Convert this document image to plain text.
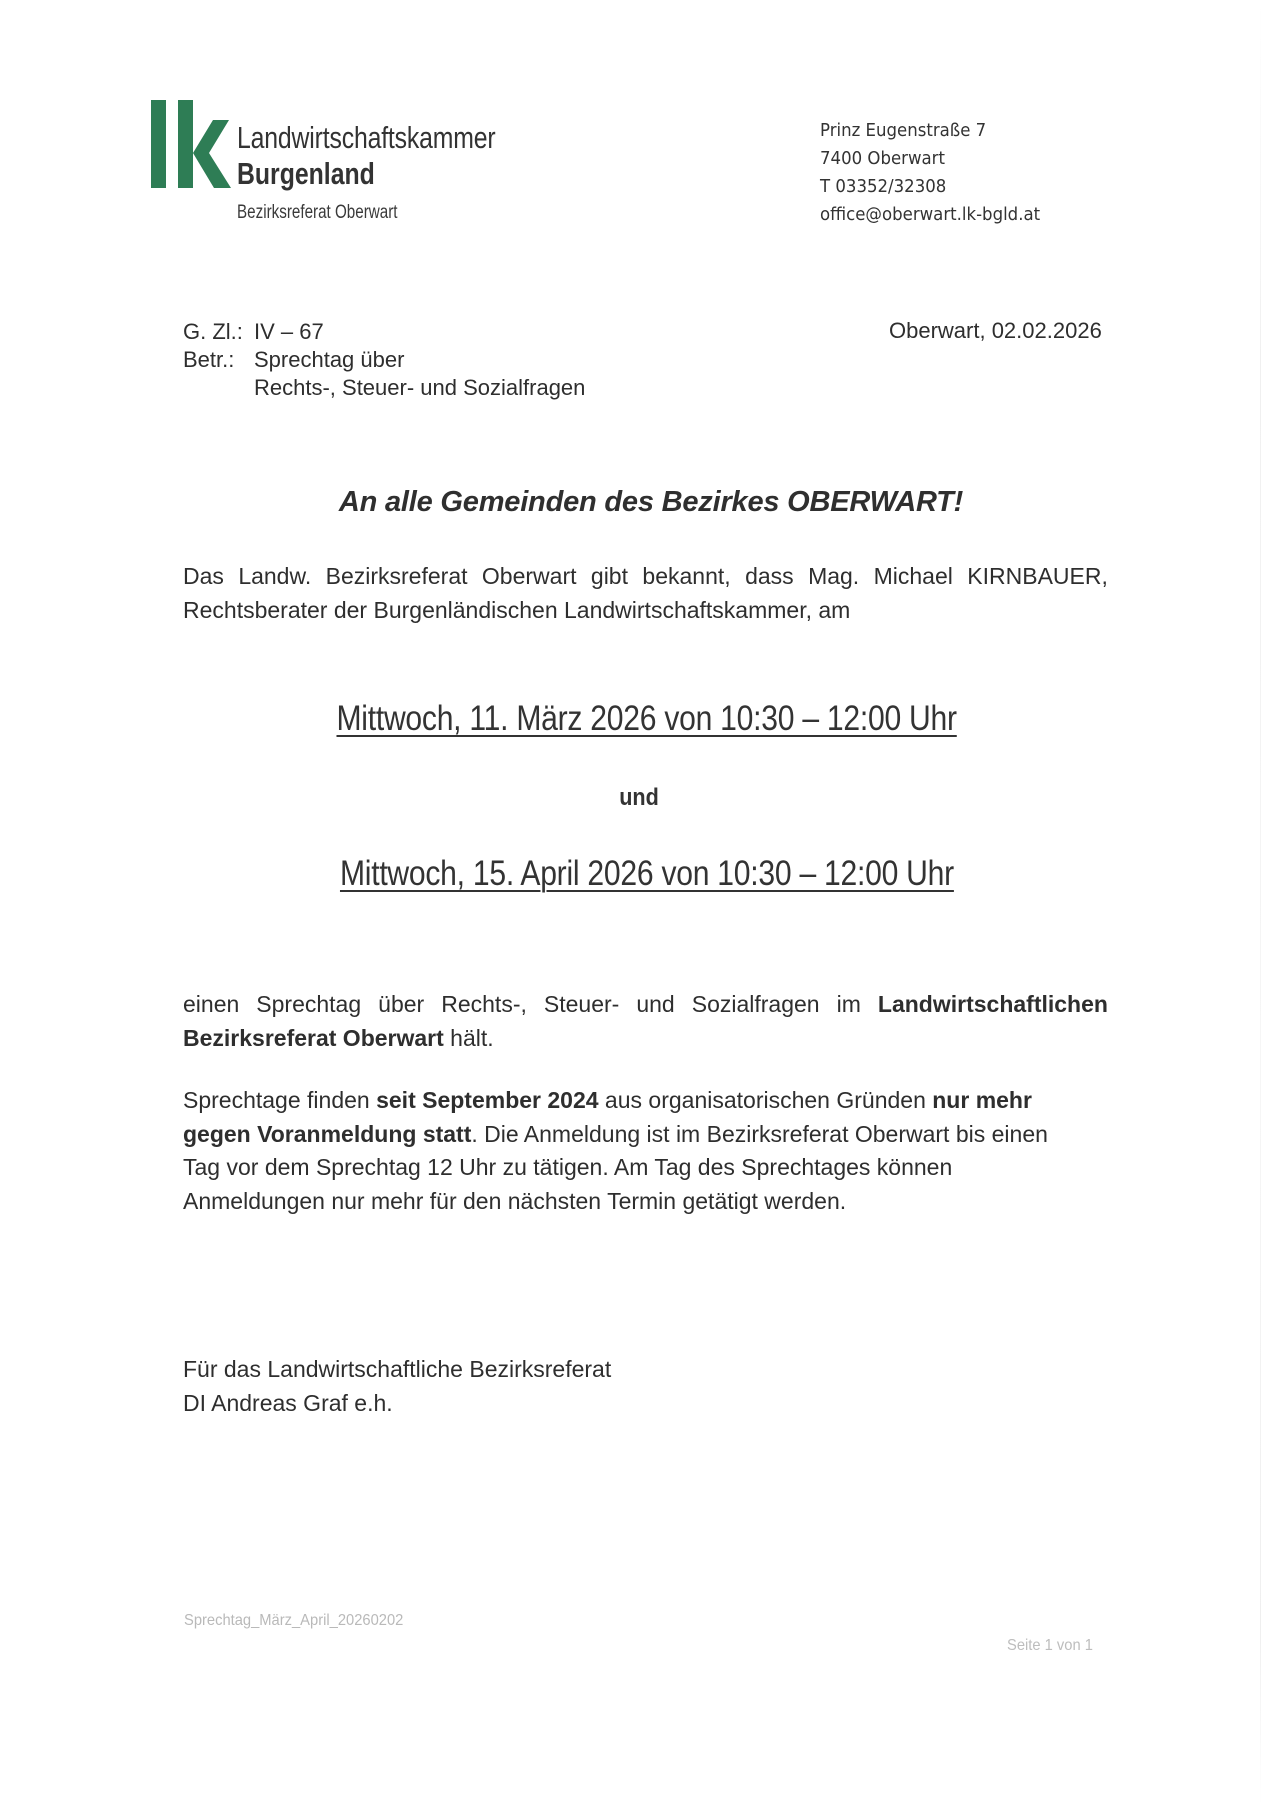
Landwirtschaftskammer
Burgenland
Bezirksreferat Oberwart
Prinz Eugenstraße 7
7400 Oberwart
T 03352/32308
office@oberwart.lk-bgld.at
G. Zl.: IV – 67
Betr.: Sprechtag über
Rechts-, Steuer- und Sozialfragen
Oberwart, 02.02.2026
An alle Gemeinden des Bezirkes OBERWART!
Das Landw. Bezirksreferat Oberwart gibt bekannt, dass Mag. Michael KIRNBAUER,
Rechtsberater der Burgenländischen Landwirtschaftskammer, am
Mittwoch, 11. März 2026 von 10:30 – 12:00 Uhr
und
Mittwoch, 15. April 2026 von 10:30 – 12:00 Uhr
einen Sprechtag über Rechts-, Steuer- und Sozialfragen im Landwirtschaftlichen
Bezirksreferat Oberwart hält.
Sprechtage finden seit September 2024 aus organisatorischen Gründen nur mehr
gegen Voranmeldung statt. Die Anmeldung ist im Bezirksreferat Oberwart bis einen
Tag vor dem Sprechtag 12 Uhr zu tätigen. Am Tag des Sprechtages können
Anmeldungen nur mehr für den nächsten Termin getätigt werden.
Für das Landwirtschaftliche Bezirksreferat
DI Andreas Graf e.h.
Sprechtag_März_April_20260202
Seite 1 von 1
